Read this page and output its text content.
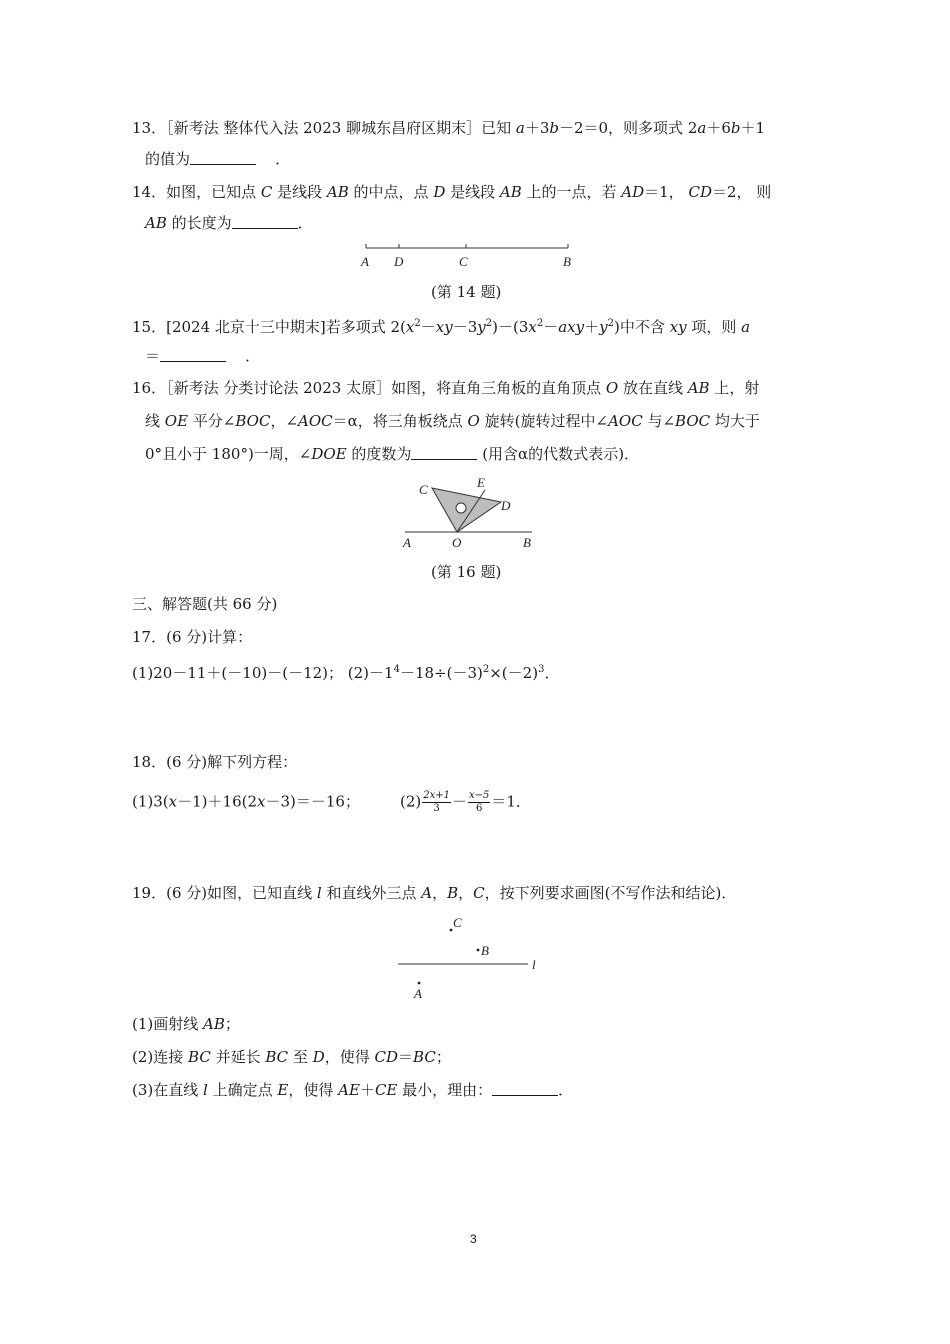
13．［新考法 整体代入法 2023 聊城东昌府区期末］已知 a＋3b－2＝0，则多项式 2a＋6b＋1
的值为	．
14．如图，已知点 C 是线段 AB 的中点，点 D 是线段 AB 上的一点，若 AD＝1， CD＝2， 则
AB 的长度为	．
A D	C	B
(第 14 题)
15．[2024 北京十三中期末]若多项式 $2(x^2-xy-3y^2)-(3x^2-axy+y^2)$中不含 xy 项，则 a
＝	．
16．［新考法 分类讨论法 2023 太原］如图，将直角三角板的直角顶点 O 放在直线 AB 上，射
线 OE 平分∠BOC，∠AOC＝α，将三角板绕点 O 旋转(旋转过程中∠AOC 与∠BOC 均大于
0°且小于 180°)一周，∠DOE 的度数为	(用含α的代数式表示)．
C	E
D
A	O	B
(第 16 题)
三、解答题(共 66 分)
17．(6 分)计算：
(1)20－11＋(－10)－(－12)； $(2)-1^4-18\div(-3)^2\times(-2)^3$．
18．(6 分)解下列方程：
(1)3(x－1)＋16(2x－3)＝－16；	$(2) \frac{2x+1}{3} - \frac{x-5}{6} =1$．
19．(6 分)如图，已知直线 l 和直线外三点 A，B，C，按下列要求画图(不写作法和结论)．
C
B
l
A
(1)画射线 AB；
(2)连接 BC 并延长 BC 至 D，使得 CD＝BC；
(3)在直线 l 上确定点 E，使得 AE＋CE 最小，理由：	．
3
